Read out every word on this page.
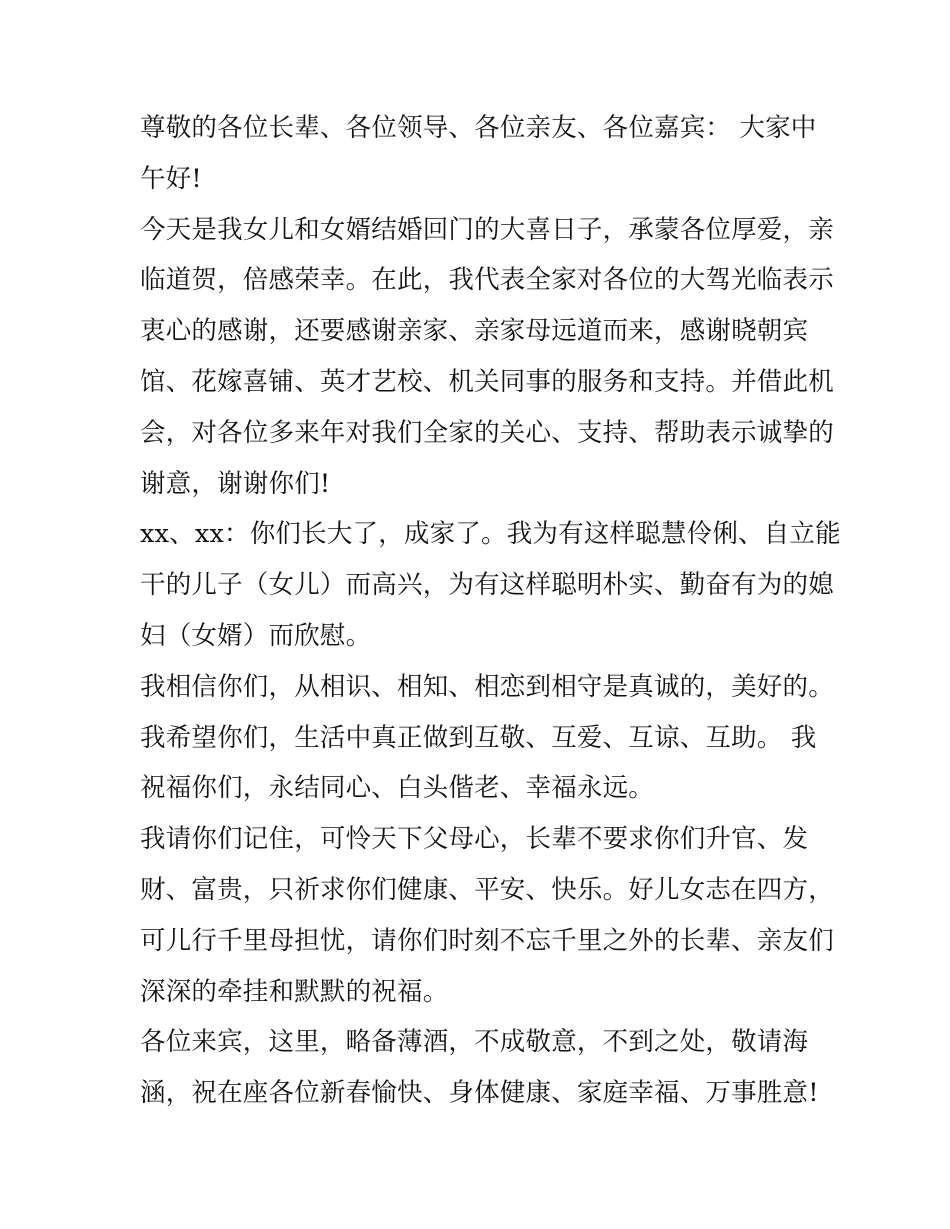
尊敬的各位长辈、各位领导、各位亲友、各位嘉宾： 大家中
午好!

今天是我女儿和女婿结婚回门的大喜日子，承蒙各位厚爱，亲
临道贺，倍感荣幸。在此，我代表全家对各位的大驾光临表示
衷心的感谢，还要感谢亲家、亲家母远道而来，感谢晓朝宾
馆、花嫁喜铺、英才艺校、机关同事的服务和支持。并借此机
会，对各位多来年对我们全家的关心、支持、帮助表示诚挚的
谢意，谢谢你们!

xx、xx：你们长大了，成家了。我为有这样聪慧伶俐、自立能
干的儿子（女儿）而高兴，为有这样聪明朴实、勤奋有为的媳
妇（女婿）而欣慰。

我相信你们，从相识、相知、相恋到相守是真诚的，美好的。
我希望你们，生活中真正做到互敬、互爱、互谅、互助。 我
祝福你们，永结同心、白头偕老、幸福永远。

我请你们记住，可怜天下父母心，长辈不要求你们升官、发
财、富贵，只祈求你们健康、平安、快乐。好儿女志在四方，
可儿行千里母担忧，请你们时刻不忘千里之外的长辈、亲友们
深深的牵挂和默默的祝福。

各位来宾，这里，略备薄酒，不成敬意，不到之处，敬请海
涵，祝在座各位新春愉快、身体健康、家庭幸福、万事胜意!
